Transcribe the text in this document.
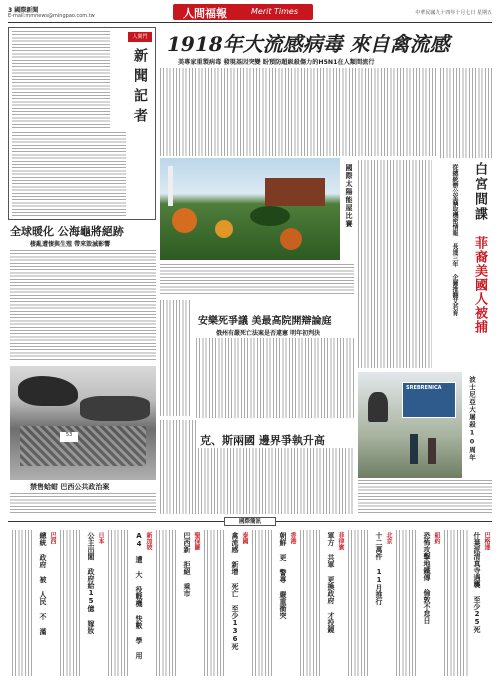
3 國際新聞
E-mail:mmnews@mingpao.com.tw	人間福報	Merit Times	中華民國九十四年十月七日 星期五
人間鬥
新聞記者
全球暖化 公海龜將絕跡
棲亂遭悽與生殖 帶來毀滅影響
53
禁售蛤蚶 巴西公共政治案
1918年大流感病毒 來自禽流感
美專家重製病毒 發現基因突變 盼預防超級殺傷力的H5N1在人類間流行
國際太陽能屋比賽
安樂死爭議 美最高院開辯論庭
俄州有嚴死亡法案是否違憲 明年初判決
克、斯兩國 邊界爭執升高
白宮間諜
菲裔美國人被捕
從總統辦公室竊取機密情報 長達三年 企圖推翻艾若育
SREBRENICA	波士尼亞大屠殺10周年
國際簡訊
巴格達
什葉派清真寺遇襲 至少25死
紐約
恐怖攻擊地鐵傳 倫敦不怠日
北京
十二萬件 11月推行
菲律賓
軍方 共軍 更換政府 才投鏡
香港
朝鮮 更 警專 嚴重衝突
泰國
禽流感 新增 死亡 至少136死
聖保羅
巴西新 拒絕 乘市
新加坡
A4 遭 大 役戰機 快數 學 用
日本
公主出閣 政府給15億 嫁妝
巴西
總統 政府 被 人民 不 滿
